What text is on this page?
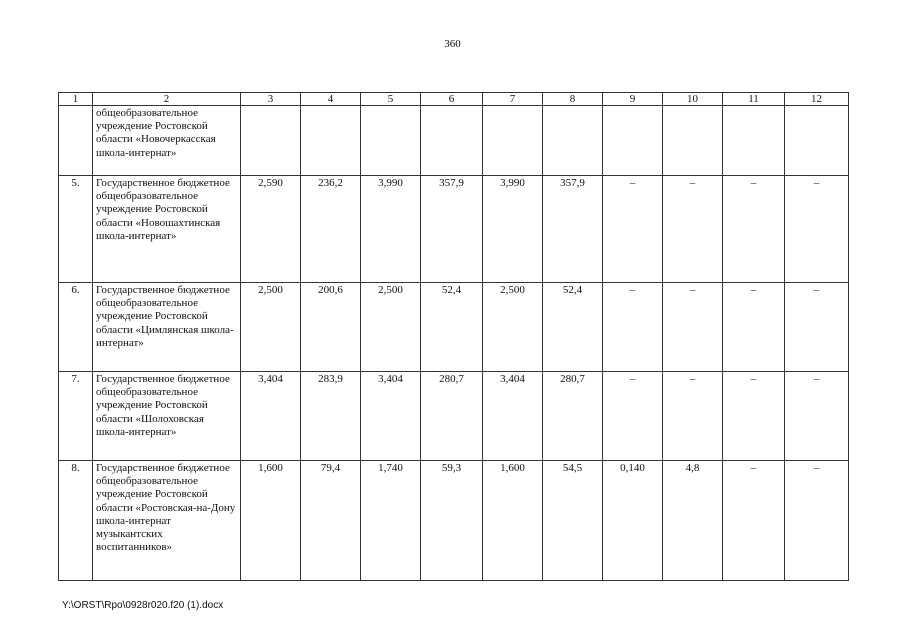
360
1	2	3	4	5	6	7	8	9	10	11	12
	общеобразовательное учреждение Ростовской области «Новочеркасская школа-интернат»										
5.	Государственное бюджетное общеобразовательное учреждение Ростовской области «Новошахтинская школа-интернат»	2,590	236,2	3,990	357,9	3,990	357,9	–	–	–	–
6.	Государственное бюджетное общеобразовательное учреждение Ростовской области «Цимлянская школа-интернат»	2,500	200,6	2,500	52,4	2,500	52,4	–	–	–	–
7.	Государственное бюджетное общеобразовательное учреждение Ростовской области «Шолоховская школа-интернат»	3,404	283,9	3,404	280,7	3,404	280,7	–	–	–	–
8.	Государственное бюджетное общеобразовательное учреждение Ростовской области «Ростовская-на-Дону школа-интернат музыкантских воспитанников»	1,600	79,4	1,740	59,3	1,600	54,5	0,140	4,8	–	–
Y:\ORST\Rpo\0928r020.f20 (1).docx
